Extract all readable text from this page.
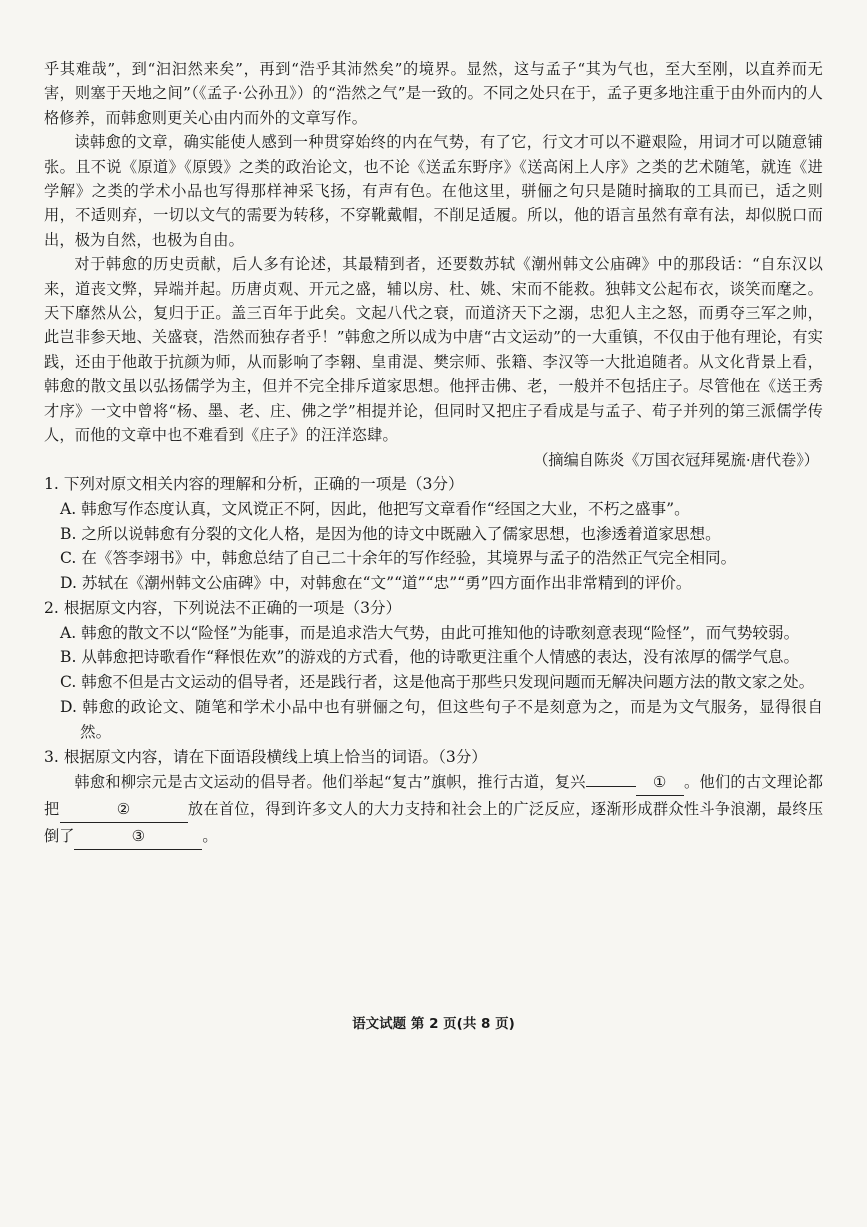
乎其难哉”，到“汩汩然来矣”，再到“浩乎其沛然矣”的境界。显然，这与孟子“其为气也，至大至刚，以直养而无害，则塞于天地之间”（《孟子·公孙丑》）的“浩然之气”是一致的。不同之处只在于，孟子更多地注重于由外而内的人格修养，而韩愈则更关心由内而外的文章写作。

读韩愈的文章，确实能使人感到一种贯穿始终的内在气势，有了它，行文才可以不避艰险，用词才可以随意铺张。且不说《原道》《原毁》之类的政治论文，也不论《送孟东野序》《送高闲上人序》之类的艺术随笔，就连《进学解》之类的学术小品也写得那样神采飞扬，有声有色。在他这里，骈俪之句只是随时摘取的工具而已，适之则用，不适则弃，一切以文气的需要为转移，不穿靴戴帽，不削足适履。所以，他的语言虽然有章有法，却似脱口而出，极为自然，也极为自由。

对于韩愈的历史贡献，后人多有论述，其最精到者，还要数苏轼《潮州韩文公庙碑》中的那段话：“自东汉以来，道丧文弊，异端并起。历唐贞观、开元之盛，辅以房、杜、姚、宋而不能救。独韩文公起布衣，谈笑而麾之。天下靡然从公，复归于正。盖三百年于此矣。文起八代之衰，而道济天下之溺，忠犯人主之怒，而勇夺三军之帅，此岂非参天地、关盛衰，浩然而独存者乎！”韩愈之所以成为中唐“古文运动”的一大重镇，不仅由于他有理论，有实践，还由于他敢于抗颜为师，从而影响了李翱、皇甫湜、樊宗师、张籍、李汉等一大批追随者。从文化背景上看，韩愈的散文虽以弘扬儒学为主，但并不完全排斥道家思想。他抨击佛、老，一般并不包括庄子。尽管他在《送王秀才序》一文中曾将“杨、墨、老、庄、佛之学”相提并论，但同时又把庄子看成是与孟子、荀子并列的第三派儒学传人，而他的文章中也不难看到《庄子》的汪洋恣肆。

（摘编自陈炎《万国衣冠拜冕旒·唐代卷》）

1. 下列对原文相关内容的理解和分析，正确的一项是（3分）

A. 韩愈写作态度认真，文风谠正不阿，因此，他把写文章看作“经国之大业，不朽之盛事”。

B. 之所以说韩愈有分裂的文化人格，是因为他的诗文中既融入了儒家思想，也渗透着道家思想。

C. 在《答李翊书》中，韩愈总结了自己二十余年的写作经验，其境界与孟子的浩然正气完全相同。

D. 苏轼在《潮州韩文公庙碑》中，对韩愈在“文”“道”“忠”“勇”四方面作出非常精到的评价。

2. 根据原文内容，下列说法不正确的一项是（3分）

A. 韩愈的散文不以“险怪”为能事，而是追求浩大气势，由此可推知他的诗歌刻意表现“险怪”，而气势较弱。

B. 从韩愈把诗歌看作“释恨佐欢”的游戏的方式看，他的诗歌更注重个人情感的表达，没有浓厚的儒学气息。

C. 韩愈不但是古文运动的倡导者，还是践行者，这是他高于那些只发现问题而无解决问题方法的散文家之处。

D. 韩愈的政论文、随笔和学术小品中也有骈俪之句，但这些句子不是刻意为之，而是为文气服务，显得很自然。

3. 根据原文内容，请在下面语段横线上填上恰当的词语。（3分）

韩愈和柳宗元是古文运动的倡导者。他们举起“复古”旗帜，推行古道，复兴	① 。他们的古文理论都把	②	放在首位，得到许多文人的大力支持和社会上的广泛反应，逐渐形成群众性斗争浪潮，最终压倒了	③	。

语文试题 第 2 页(共 8 页)
